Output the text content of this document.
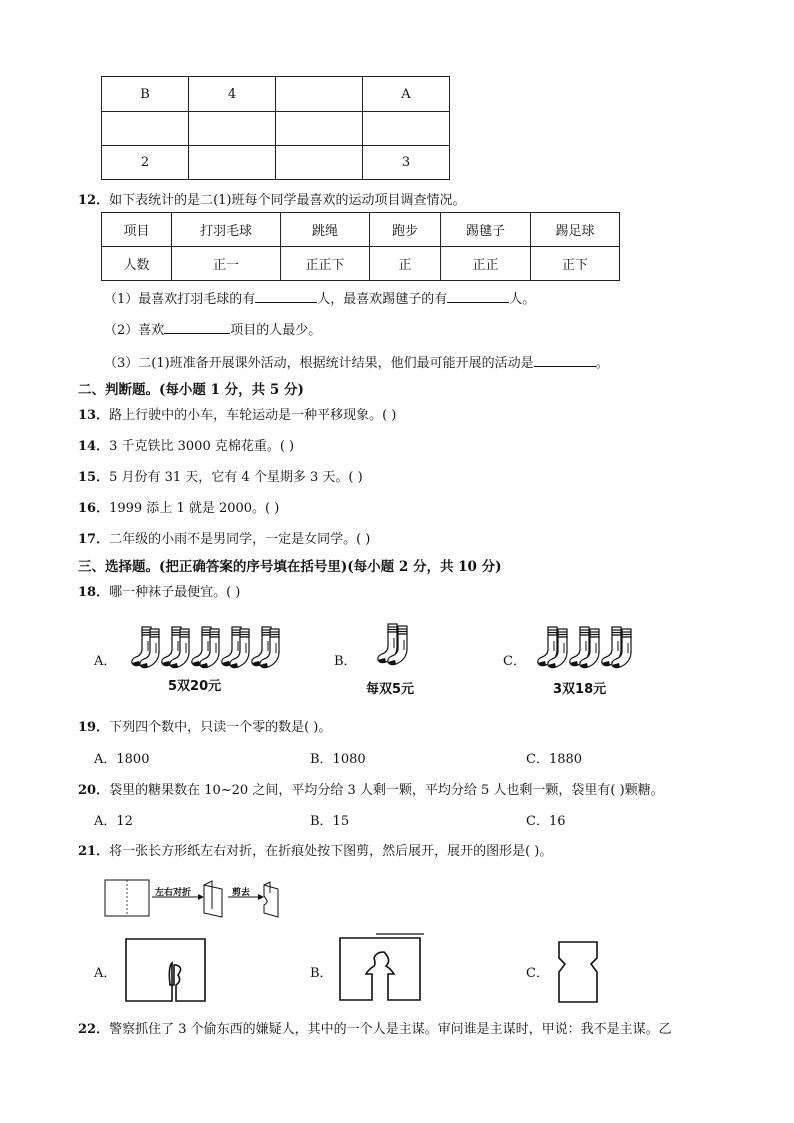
B	4		A

2			3
12．如下表统计的是二(1)班每个同学最喜欢的运动项目调查情况。
项目	打羽毛球	跳绳	跑步	踢毽子	踢足球
人数	正一	正正下	正	正正	正下
（1）最喜欢打羽毛球的有	人，最喜欢踢毽子的有	人。
（2）喜欢	项目的人最少。
（3）二(1)班准备开展课外活动，根据统计结果，他们最可能开展的活动是	。
二、判断题。(每小题 1 分，共 5 分)
13．路上行驶中的小车，车轮运动是一种平移现象。( )
14．3 千克铁比 3000 克棉花重。( )
15．5 月份有 31 天，它有 4 个星期多 3 天。( )
16．1999 添上 1 就是 2000。( )
17．二年级的小雨不是男同学，一定是女同学。( )
三、选择题。(把正确答案的序号填在括号里)(每小题 2 分，共 10 分)
18．哪一种袜子最便宜。( )
A．
5双20元
B．
每双5元
C．
3双18元
19．下列四个数中，只读一个零的数是( )。
A．1800	B．1080	C．1880
20．袋里的糖果数在 10~20 之间，平均分给 3 人剩一颗，平均分给 5 人也剩一颗，袋里有( )颗糖。
A．12	B．15	C．16
21．将一张长方形纸左右对折，在折痕处按下图剪，然后展开，展开的图形是( )。
左右对折	剪去
A．	B．	C．
22．警察抓住了 3 个偷东西的嫌疑人，其中的一个人是主谋。审问谁是主谋时，甲说：我不是主谋。乙
